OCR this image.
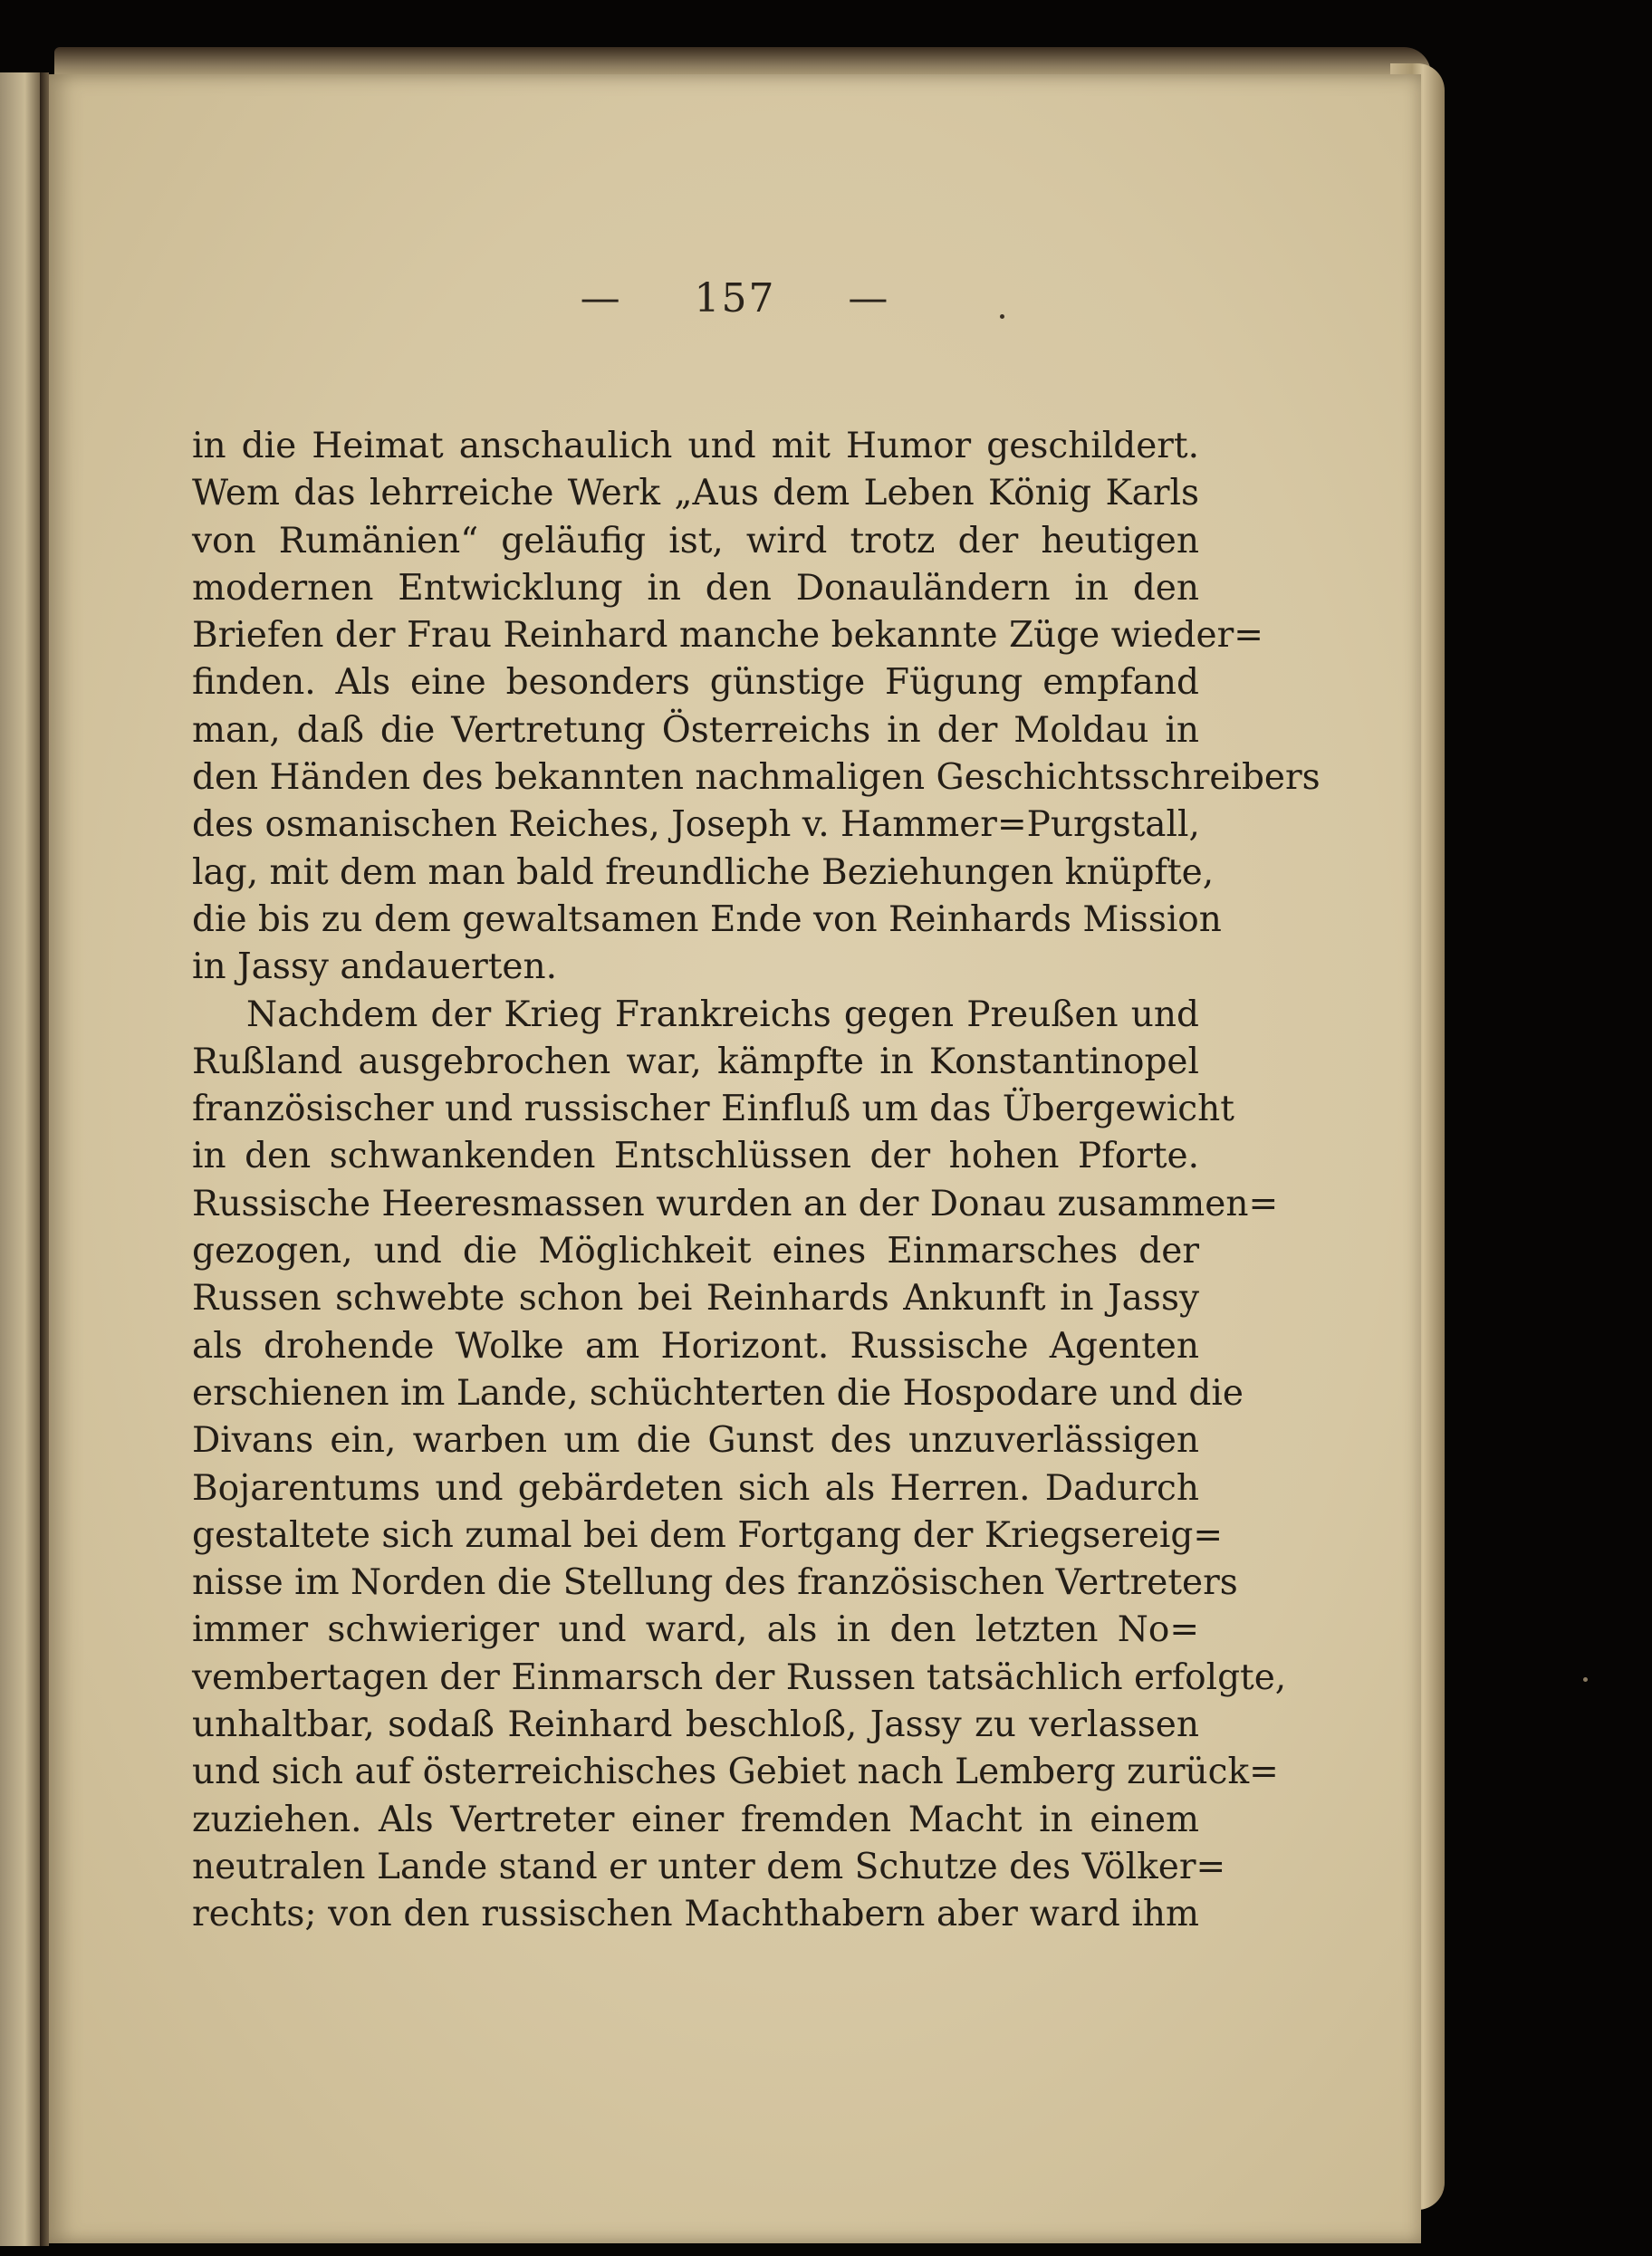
— 157 —
in die Heimat anschaulich und mit Humor geschildert.
Wem das lehrreiche Werk „Aus dem Leben König Karls
von Rumänien“ geläufig ist, wird trotz der heutigen
modernen Entwicklung in den Donauländern in den
Briefen der Frau Reinhard manche bekannte Züge wieder=
finden. Als eine besonders günstige Fügung empfand
man, daß die Vertretung Österreichs in der Moldau in
den Händen des bekannten nachmaligen Geschichtsschreibers
des osmanischen Reiches, Joseph v. Hammer=Purgstall,
lag, mit dem man bald freundliche Beziehungen knüpfte,
die bis zu dem gewaltsamen Ende von Reinhards Mission
in Jassy andauerten.
Nachdem der Krieg Frankreichs gegen Preußen und
Rußland ausgebrochen war, kämpfte in Konstantinopel
französischer und russischer Einfluß um das Übergewicht
in den schwankenden Entschlüssen der hohen Pforte.
Russische Heeresmassen wurden an der Donau zusammen=
gezogen, und die Möglichkeit eines Einmarsches der
Russen schwebte schon bei Reinhards Ankunft in Jassy
als drohende Wolke am Horizont. Russische Agenten
erschienen im Lande, schüchterten die Hospodare und die
Divans ein, warben um die Gunst des unzuverlässigen
Bojarentums und gebärdeten sich als Herren. Dadurch
gestaltete sich zumal bei dem Fortgang der Kriegsereig=
nisse im Norden die Stellung des französischen Vertreters
immer schwieriger und ward, als in den letzten No=
vembertagen der Einmarsch der Russen tatsächlich erfolgte,
unhaltbar, sodaß Reinhard beschloß, Jassy zu verlassen
und sich auf österreichisches Gebiet nach Lemberg zurück=
zuziehen. Als Vertreter einer fremden Macht in einem
neutralen Lande stand er unter dem Schutze des Völker=
rechts; von den russischen Machthabern aber ward ihm
